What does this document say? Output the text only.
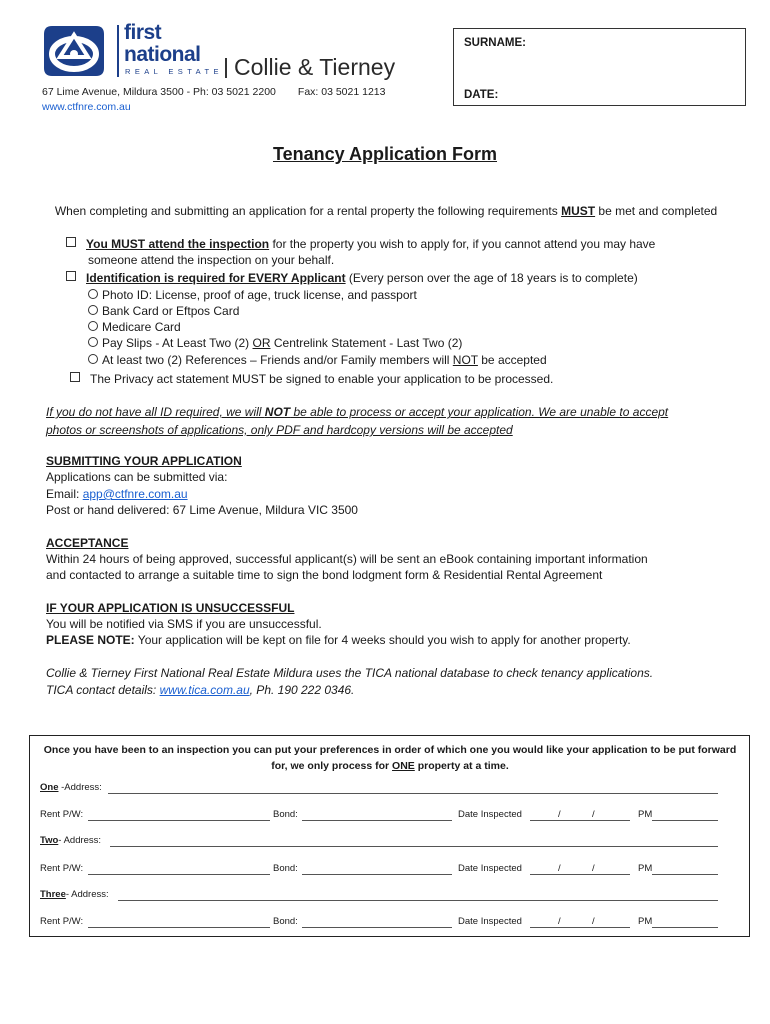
first
national
REAL ESTATE Collie & Tierney
67 Lime Avenue, Mildura 3500 - Ph: 03 5021 2200 Fax: 03 5021 1213
www.ctfnre.com.au
SURNAME:
DATE:
Tenancy Application Form
When completing and submitting an application for a rental property the following requirements MUST be met and completed
You MUST attend the inspection for the property you wish to apply for, if you cannot attend you may have
someone attend the inspection on your behalf.
Identification is required for EVERY Applicant (Every person over the age of 18 years is to complete)
Photo ID: License, proof of age, truck license, and passport
Bank Card or Eftpos Card
Medicare Card
Pay Slips - At Least Two (2) OR Centrelink Statement - Last Two (2)
At least two (2) References – Friends and/or Family members will NOT be accepted
The Privacy act statement MUST be signed to enable your application to be processed.
If you do not have all ID required, we will NOT be able to process or accept your application. We are unable to accept
photos or screenshots of applications, only PDF and hardcopy versions will be accepted
SUBMITTING YOUR APPLICATION
Applications can be submitted via:
Email: app@ctfnre.com.au
Post or hand delivered: 67 Lime Avenue, Mildura VIC 3500
ACCEPTANCE
Within 24 hours of being approved, successful applicant(s) will be sent an eBook containing important information
and contacted to arrange a suitable time to sign the bond lodgment form & Residential Rental Agreement
IF YOUR APPLICATION IS UNSUCCESSFUL
You will be notified via SMS if you are unsuccessful.
PLEASE NOTE: Your application will be kept on file for 4 weeks should you wish to apply for another property.
Collie & Tierney First National Real Estate Mildura uses the TICA national database to check tenancy applications.
TICA contact details: www.tica.com.au, Ph. 190 222 0346.
Once you have been to an inspection you can put your preferences in order of which one you would like your application to be put forward for, we only process for ONE property at a time.
One -Address:
Rent P/W:	Bond:	Date Inspected	/	/	PM
Two- Address:
Rent P/W:	Bond:	Date Inspected	/	/	PM
Three- Address:
Rent P/W:	Bond:	Date Inspected	/	/	PM
